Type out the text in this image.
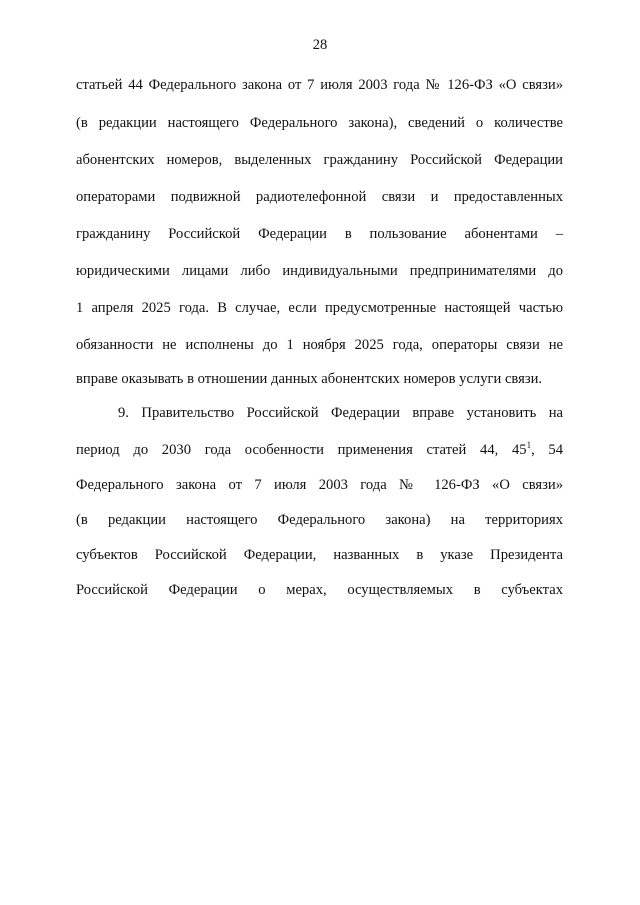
28
статьей 44 Федерального закона от 7 июля 2003 года № 126-ФЗ «О связи»
(в редакции настоящего Федерального закона), сведений о количестве
абонентских номеров, выделенных гражданину Российской Федерации
операторами подвижной радиотелефонной связи и предоставленных
гражданину Российской Федерации в пользование абонентами –
юридическими лицами либо индивидуальными предпринимателями до
1 апреля 2025 года. В случае, если предусмотренные настоящей частью
обязанности не исполнены до 1 ноября 2025 года, операторы связи не
вправе оказывать в отношении данных абонентских номеров услуги связи.
9. Правительство Российской Федерации вправе установить на
период до 2030 года особенности применения статей 44, $45^1$, 54
Федерального закона от 7 июля 2003 года № 126-ФЗ «О связи»
(в редакции настоящего Федерального закона) на территориях
субъектов Российской Федерации, названных в указе Президента
Российской Федерации о мерах, осуществляемых в субъектах
